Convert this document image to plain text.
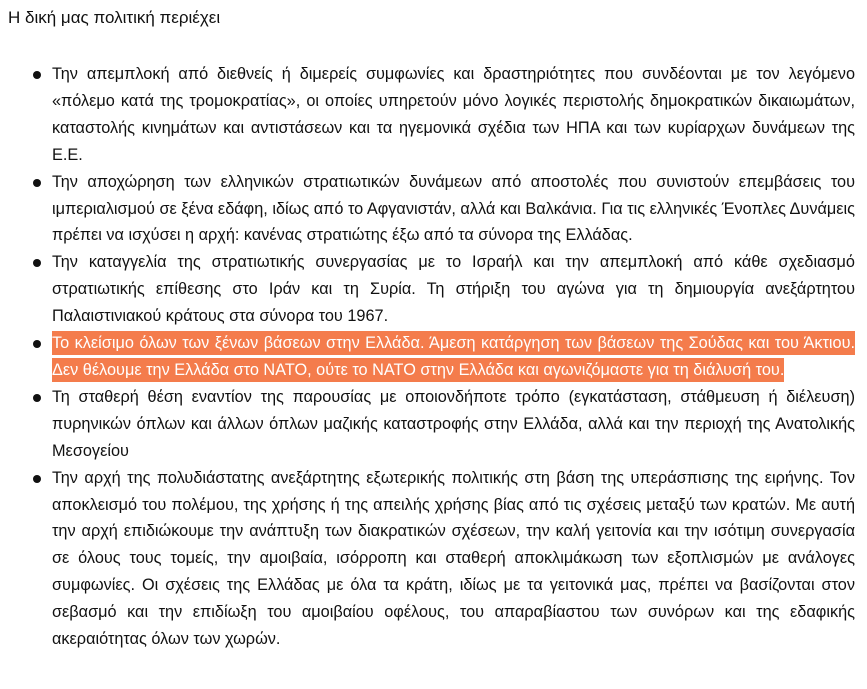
Η δική μας πολιτική περιέχει
Την απεμπλοκή από διεθνείς ή διμερείς συμφωνίες και δραστηριότητες που συνδέονται με τον λεγόμενο «πόλεμο κατά της τρομοκρατίας», οι οποίες υπηρετούν μόνο λογικές περιστολής δημοκρατικών δικαιωμάτων, καταστολής κινημάτων και αντιστάσεων και τα ηγεμονικά σχέδια των ΗΠΑ και των κυρίαρχων δυνάμεων της Ε.Ε.
Την αποχώρηση των ελληνικών στρατιωτικών δυνάμεων από αποστολές που συνιστούν επεμβάσεις του ιμπεριαλισμού σε ξένα εδάφη, ιδίως από το Αφγανιστάν, αλλά και Βαλκάνια. Για τις ελληνικές Ένοπλες Δυνάμεις πρέπει να ισχύσει η αρχή: κανένας στρατιώτης έξω από τα σύνορα της Ελλάδας.
Την καταγγελία της στρατιωτικής συνεργασίας με το Ισραήλ και την απεμπλοκή από κάθε σχεδιασμό στρατιωτικής επίθεσης στο Ιράν και τη Συρία. Τη στήριξη του αγώνα για τη δημιουργία ανεξάρτητου Παλαιστινιακού κράτους στα σύνορα του 1967.
Το κλείσιμο όλων των ξένων βάσεων στην Ελλάδα. Άμεση κατάργηση των βάσεων της Σούδας και του Άκτιου. Δεν θέλουμε την Ελλάδα στο ΝΑΤΟ, ούτε το ΝΑΤΟ στην Ελλάδα και αγωνιζόμαστε για τη διάλυσή του.
Τη σταθερή θέση εναντίον της παρουσίας με οποιονδήποτε τρόπο (εγκατάσταση, στάθμευση ή διέλευση) πυρηνικών όπλων και άλλων όπλων μαζικής καταστροφής στην Ελλάδα, αλλά και την περιοχή της Ανατολικής Μεσογείου
Την αρχή της πολυδιάστατης ανεξάρτητης εξωτερικής πολιτικής στη βάση της υπεράσπισης της ειρήνης. Τον αποκλεισμό του πολέμου, της χρήσης ή της απειλής χρήσης βίας από τις σχέσεις μεταξύ των κρατών. Με αυτή την αρχή επιδιώκουμε την ανάπτυξη των διακρατικών σχέσεων, την καλή γειτονία και την ισότιμη συνεργασία σε όλους τους τομείς, την αμοιβαία, ισόρροπη και σταθερή αποκλιμάκωση των εξοπλισμών με ανάλογες συμφωνίες. Οι σχέσεις της Ελλάδας με όλα τα κράτη, ιδίως με τα γειτονικά μας, πρέπει να βασίζονται στον σεβασμό και την επιδίωξη του αμοιβαίου οφέλους, του απαραβίαστου των συνόρων και της εδαφικής ακεραιότητας όλων των χωρών.
